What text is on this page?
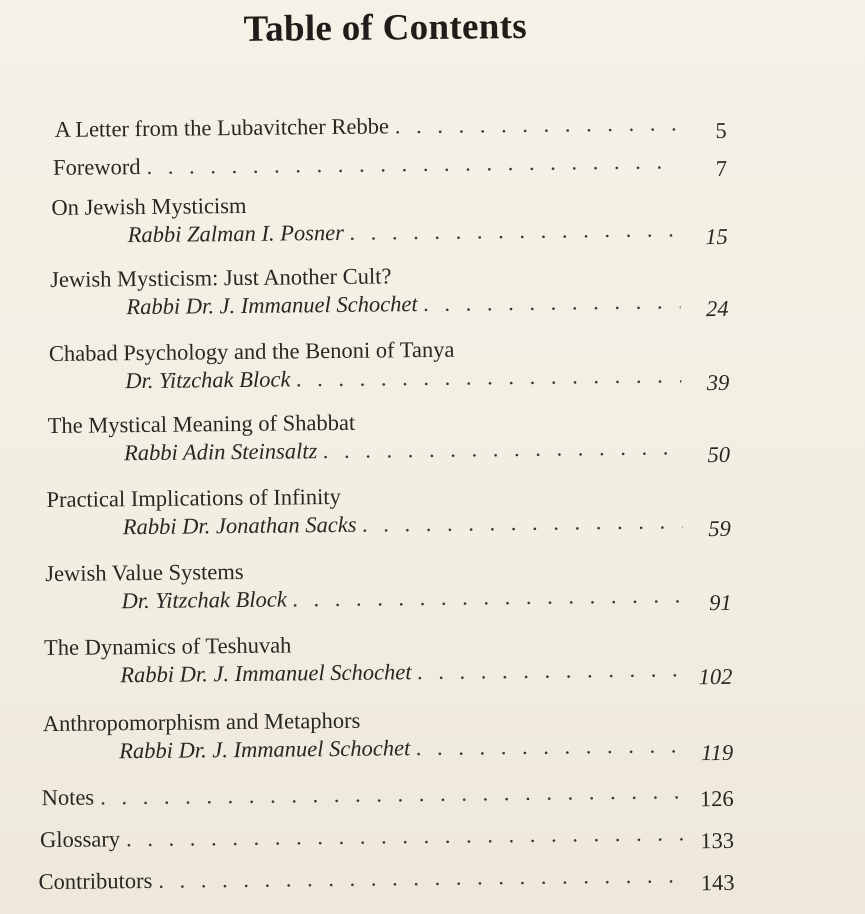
Table of Contents
A Letter from the Lubavitcher Rebbe . . .	5
Foreword . . .	7
On Jewish Mysticism
Rabbi Zalman I. Posner . . .	15
Jewish Mysticism: Just Another Cult?
Rabbi Dr. J. Immanuel Schochet . . .	24
Chabad Psychology and the Benoni of Tanya
Dr. Yitzchak Block . . .	39
The Mystical Meaning of Shabbat
Rabbi Adin Steinsaltz . . .	50
Practical Implications of Infinity
Rabbi Dr. Jonathan Sacks . . .	59
Jewish Value Systems
Dr. Yitzchak Block . . .	91
The Dynamics of Teshuvah
Rabbi Dr. J. Immanuel Schochet . . .	102
Anthropomorphism and Metaphors
Rabbi Dr. J. Immanuel Schochet . . .	119
Notes . . .	126
Glossary . . .	133
Contributors . . .	143
